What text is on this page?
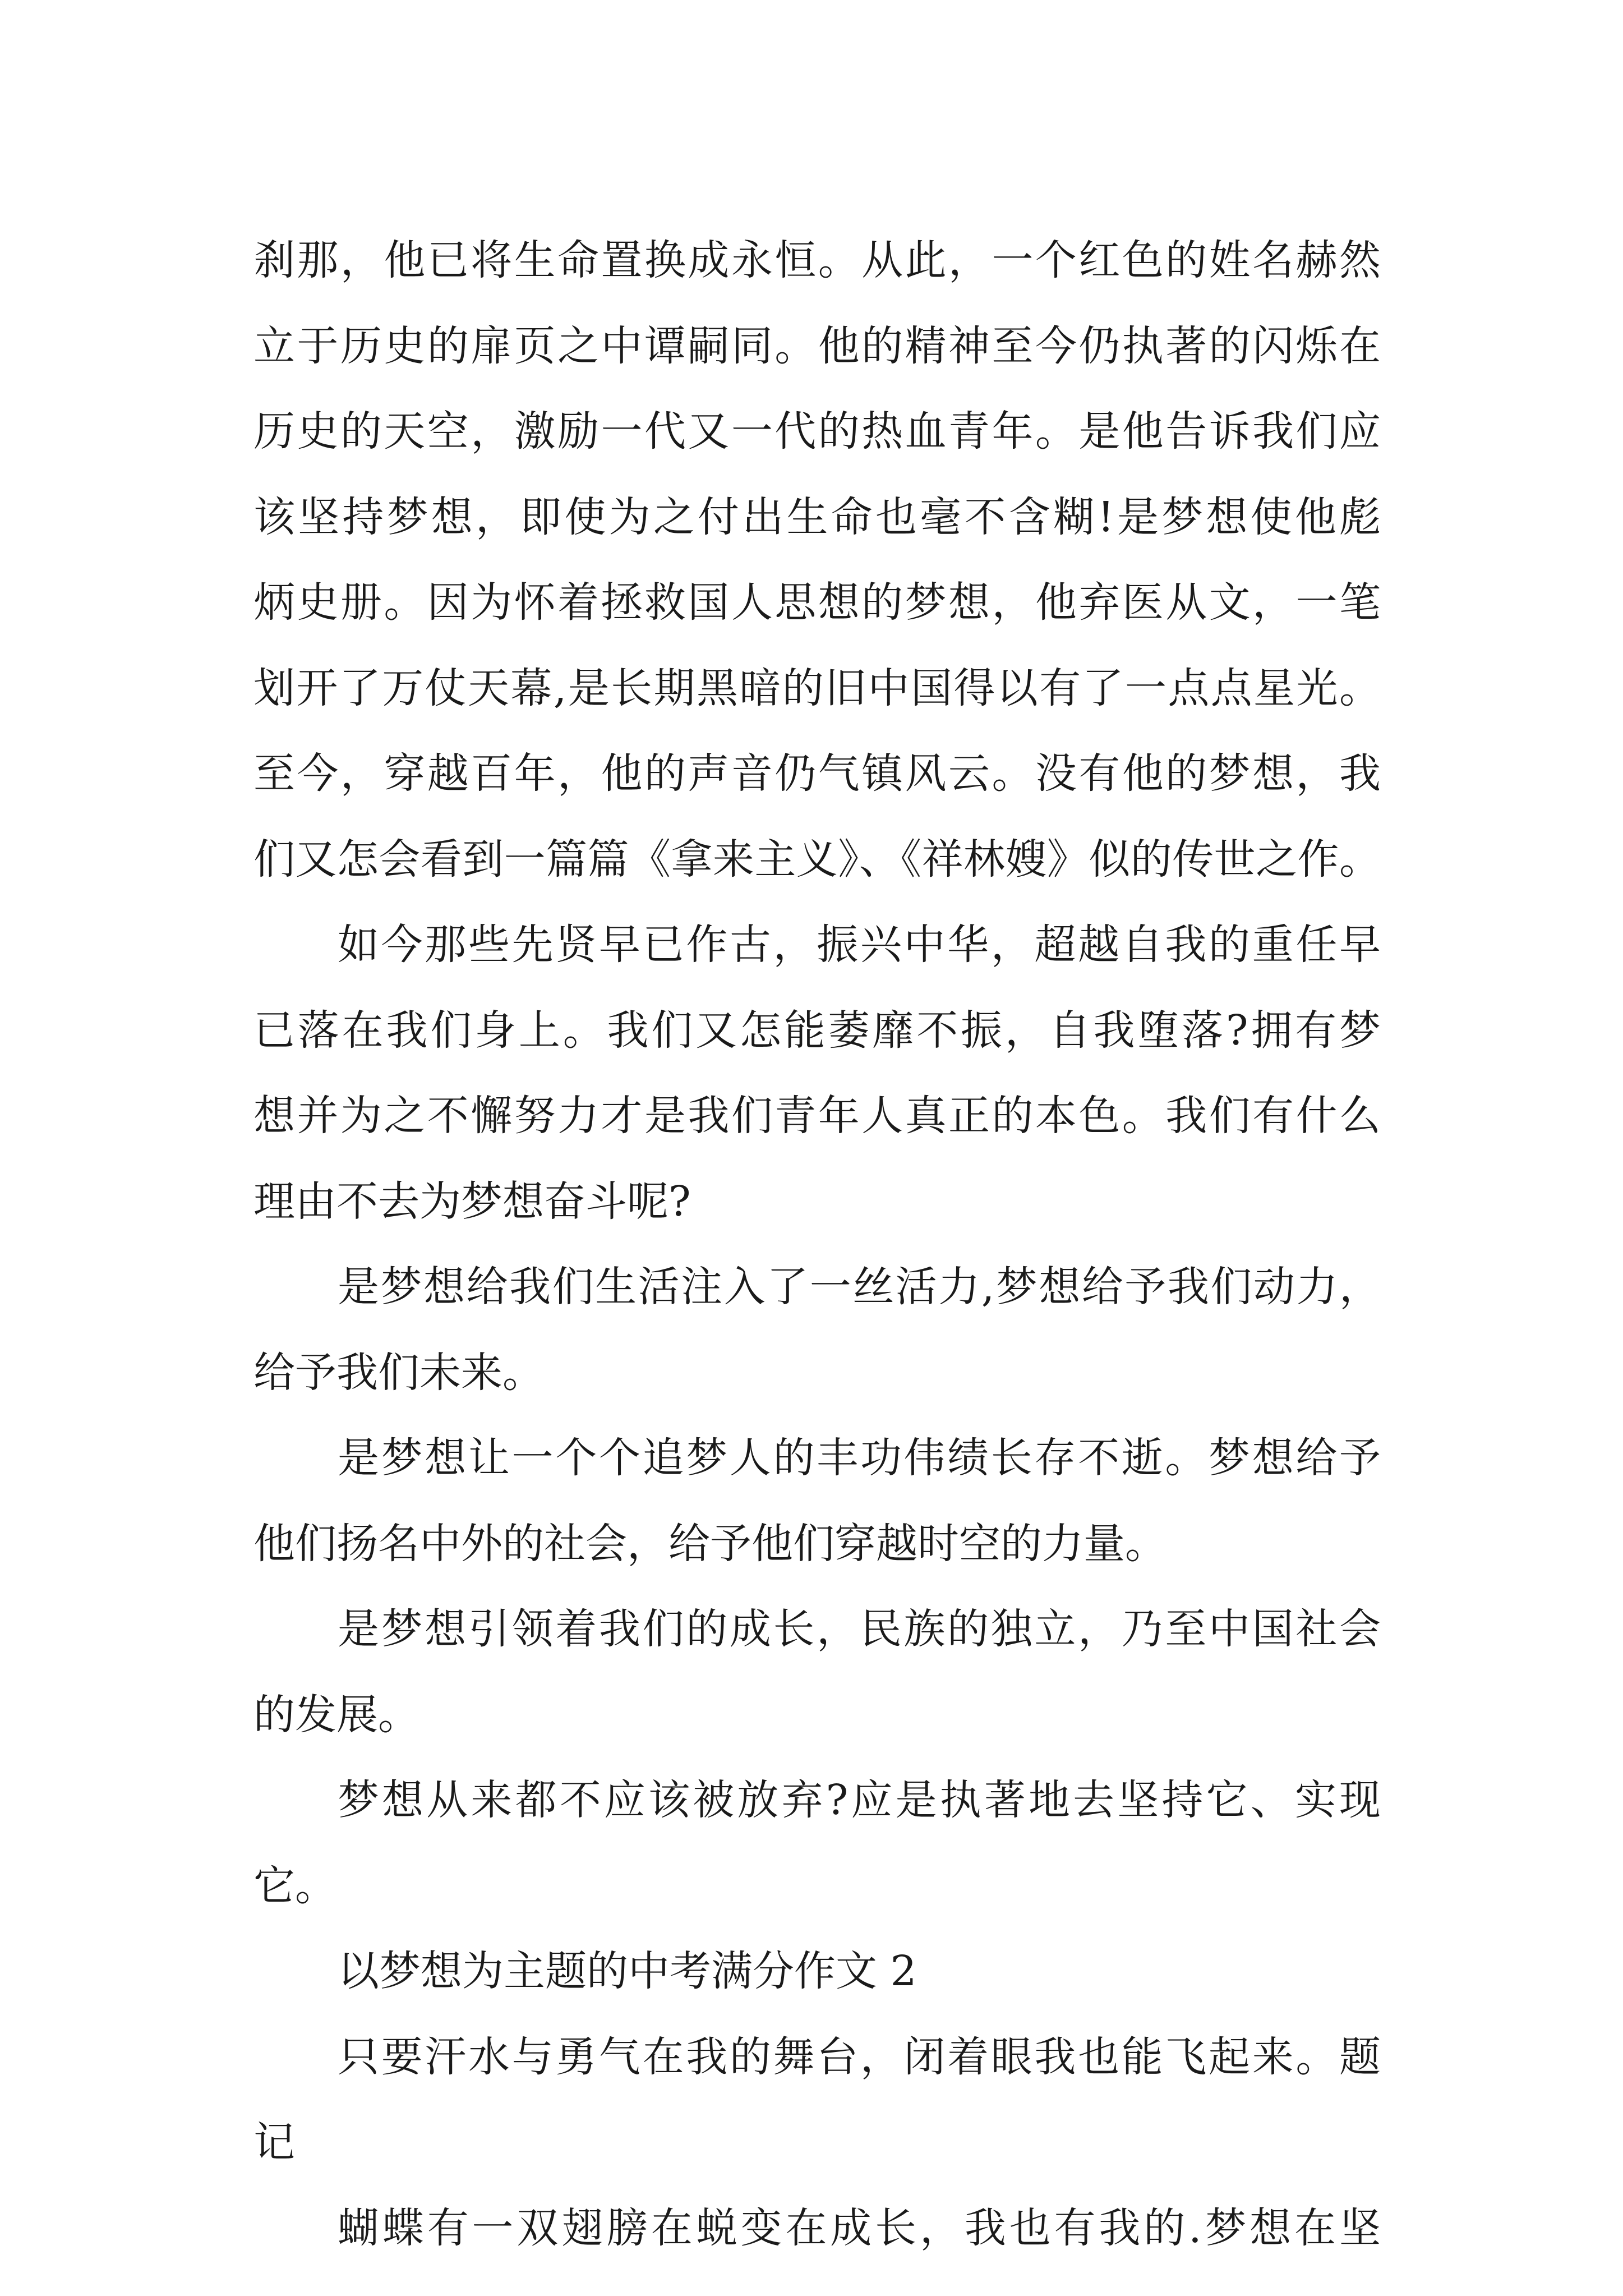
刹那，他已将生命置换成永恒。从此，一个红色的姓名赫然
立于历史的扉页之中谭嗣同。他的精神至今仍执著的闪烁在
历史的天空，激励一代又一代的热血青年。是他告诉我们应
该坚持梦想，即使为之付出生命也毫不含糊!是梦想使他彪
炳史册。因为怀着拯救国人思想的梦想，他弃医从文，一笔
划开了万仗天幕,是长期黑暗的旧中国得以有了一点点星光。
至今，穿越百年，他的声音仍气镇风云。没有他的梦想，我
们又怎会看到一篇篇《拿来主义》、《祥林嫂》似的传世之作。
如今那些先贤早已作古，振兴中华，超越自我的重任早
已落在我们身上。我们又怎能萎靡不振，自我堕落?拥有梦
想并为之不懈努力才是我们青年人真正的本色。我们有什么
理由不去为梦想奋斗呢?
是梦想给我们生活注入了一丝活力,梦想给予我们动力，
给予我们未来。
是梦想让一个个追梦人的丰功伟绩长存不逝。梦想给予
他们扬名中外的社会，给予他们穿越时空的力量。
是梦想引领着我们的成长，民族的独立，乃至中国社会
的发展。
梦想从来都不应该被放弃?应是执著地去坚持它、实现
它。
以梦想为主题的中考满分作文 2
只要汗水与勇气在我的舞台，闭着眼我也能飞起来。题
记
蝴蝶有一双翅膀在蜕变在成长，我也有我的.梦想在坚
